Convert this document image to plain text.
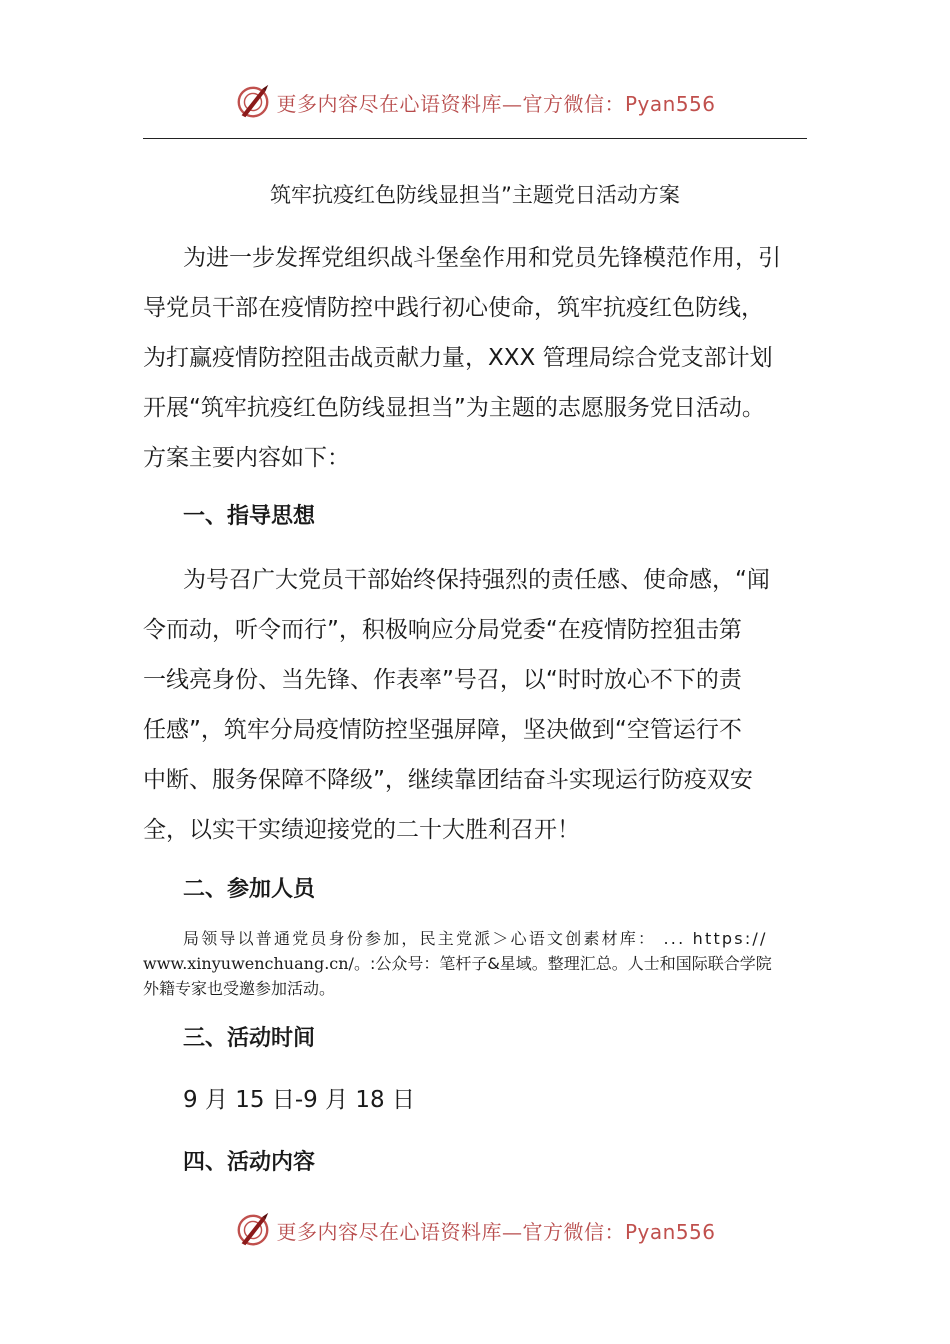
更多内容尽在心语资料库—官方微信：Pyan556
筑牢抗疫红色防线显担当”主题党日活动方案

为进一步发挥党组织战斗堡垒作用和党员先锋模范作用，引
导党员干部在疫情防控中践行初心使命，筑牢抗疫红色防线，
为打赢疫情防控阻击战贡献力量，XXX 管理局综合党支部计划
开展“筑牢抗疫红色防线显担当”为主题的志愿服务党日活动。
方案主要内容如下：

一、指导思想

为号召广大党员干部始终保持强烈的责任感、使命感，“闻
令而动，听令而行”，积极响应分局党委“在疫情防控狙击第
一线亮身份、当先锋、作表率”号召，以“时时放心不下的责
任感”，筑牢分局疫情防控坚强屏障，坚决做到“空管运行不
中断、服务保障不降级”，继续靠团结奋斗实现运行防疫双安
全，以实干实绩迎接党的二十大胜利召开！

二、参加人员

局领导以普通党员身份参加，民主党派＞心语文创素材库： ... https://
www.xinyuwenchuang.cn/。:公众号：笔杆子&星域。整理汇总。人士和国际联合学院
外籍专家也受邀参加活动。

三、活动时间
9 月 15 日-9 月 18 日
四、活动内容
更多内容尽在心语资料库—官方微信：Pyan556
